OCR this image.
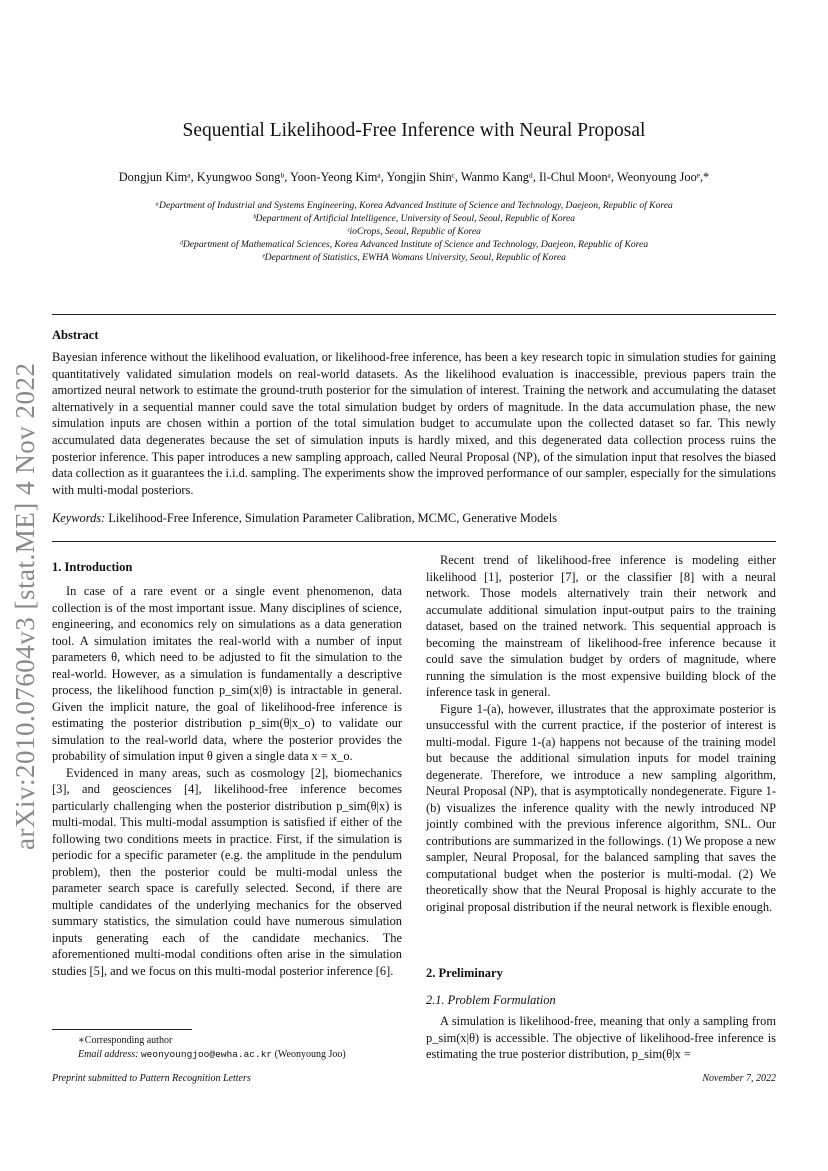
arXiv:2010.07604v3 [stat.ME] 4 Nov 2022
Sequential Likelihood-Free Inference with Neural Proposal
Dongjun Kimᵃ, Kyungwoo Songᵇ, Yoon-Yeong Kimᵃ, Yongjin Shinᶜ, Wanmo Kangᵈ, Il-Chul Moonᵃ, Weonyoung Jooᵉ,*
ᵃDepartment of Industrial and Systems Engineering, Korea Advanced Institute of Science and Technology, Daejeon, Republic of Korea
ᵇDepartment of Artificial Intelligence, University of Seoul, Seoul, Republic of Korea
ᶜioCrops, Seoul, Republic of Korea
ᵈDepartment of Mathematical Sciences, Korea Advanced Institute of Science and Technology, Daejeon, Republic of Korea
ᵉDepartment of Statistics, EWHA Womans University, Seoul, Republic of Korea
Abstract
Bayesian inference without the likelihood evaluation, or likelihood-free inference, has been a key research topic in simulation studies for gaining quantitatively validated simulation models on real-world datasets. As the likelihood evaluation is inaccessible, previous papers train the amortized neural network to estimate the ground-truth posterior for the simulation of interest. Training the network and accumulating the dataset alternatively in a sequential manner could save the total simulation budget by orders of magnitude. In the data accumulation phase, the new simulation inputs are chosen within a portion of the total simulation budget to accumulate upon the collected dataset so far. This newly accumulated data degenerates because the set of simulation inputs is hardly mixed, and this degenerated data collection process ruins the posterior inference. This paper introduces a new sampling approach, called Neural Proposal (NP), of the simulation input that resolves the biased data collection as it guarantees the i.i.d. sampling. The experiments show the improved performance of our sampler, especially for the simulations with multi-modal posteriors.
Keywords: Likelihood-Free Inference, Simulation Parameter Calibration, MCMC, Generative Models
1. Introduction

In case of a rare event or a single event phenomenon, data collection is of the most important issue. Many disciplines of science, engineering, and economics rely on simulations as a data generation tool. A simulation imitates the real-world with a number of input parameters θ, which need to be adjusted to fit the simulation to the real-world. However, as a simulation is fundamentally a descriptive process, the likelihood function p_sim(x|θ) is intractable in general. Given the implicit nature, the goal of likelihood-free inference is estimating the posterior distribution p_sim(θ|x_o) to validate our simulation to the real-world data, where the posterior provides the probability of simulation input θ given a single data x = x_o.

Evidenced in many areas, such as cosmology [2], biomechanics [3], and geosciences [4], likelihood-free inference becomes particularly challenging when the posterior distribution p_sim(θ|x) is multi-modal. This multi-modal assumption is satisfied if either of the following two conditions meets in practice. First, if the simulation is periodic for a specific parameter (e.g. the amplitude in the pendulum problem), then the posterior could be multi-modal unless the parameter search space is carefully selected. Second, if there are multiple candidates of the underlying mechanics for the observed summary statistics, the simulation could have numerous simulation inputs generating each of the candidate mechanics. The aforementioned multi-modal conditions often arise in the simulation studies [5], and we focus on this multi-modal posterior inference [6].

Recent trend of likelihood-free inference is modeling either likelihood [1], posterior [7], or the classifier [8] with a neural network. Those models alternatively train their network and accumulate additional simulation input-output pairs to the training dataset, based on the trained network. This sequential approach is becoming the mainstream of likelihood-free inference because it could save the simulation budget by orders of magnitude, where running the simulation is the most expensive building block of the inference task in general.

Figure 1-(a), however, illustrates that the approximate posterior is unsuccessful with the current practice, if the posterior of interest is multi-modal. Figure 1-(a) happens not because of the training model but because the additional simulation inputs for model training degenerate. Therefore, we introduce a new sampling algorithm, Neural Proposal (NP), that is asymptotically nondegenerate. Figure 1-(b) visualizes the inference quality with the newly introduced NP jointly combined with the previous inference algorithm, SNL. Our contributions are summarized in the followings. (1) We propose a new sampler, Neural Proposal, for the balanced sampling that saves the computational budget when the posterior is multi-modal. (2) We theoretically show that the Neural Proposal is highly accurate to the original proposal distribution if the neural network is flexible enough.

2. Preliminary
2.1. Problem Formulation

A simulation is likelihood-free, meaning that only a sampling from p_sim(x|θ) is accessible. The objective of likelihood-free inference is estimating the true posterior distribution, p_sim(θ|x =

∗Corresponding author
Email address: weonyoungjoo@ewha.ac.kr (Weonyoung Joo)
Preprint submitted to Pattern Recognition Letters	November 7, 2022
